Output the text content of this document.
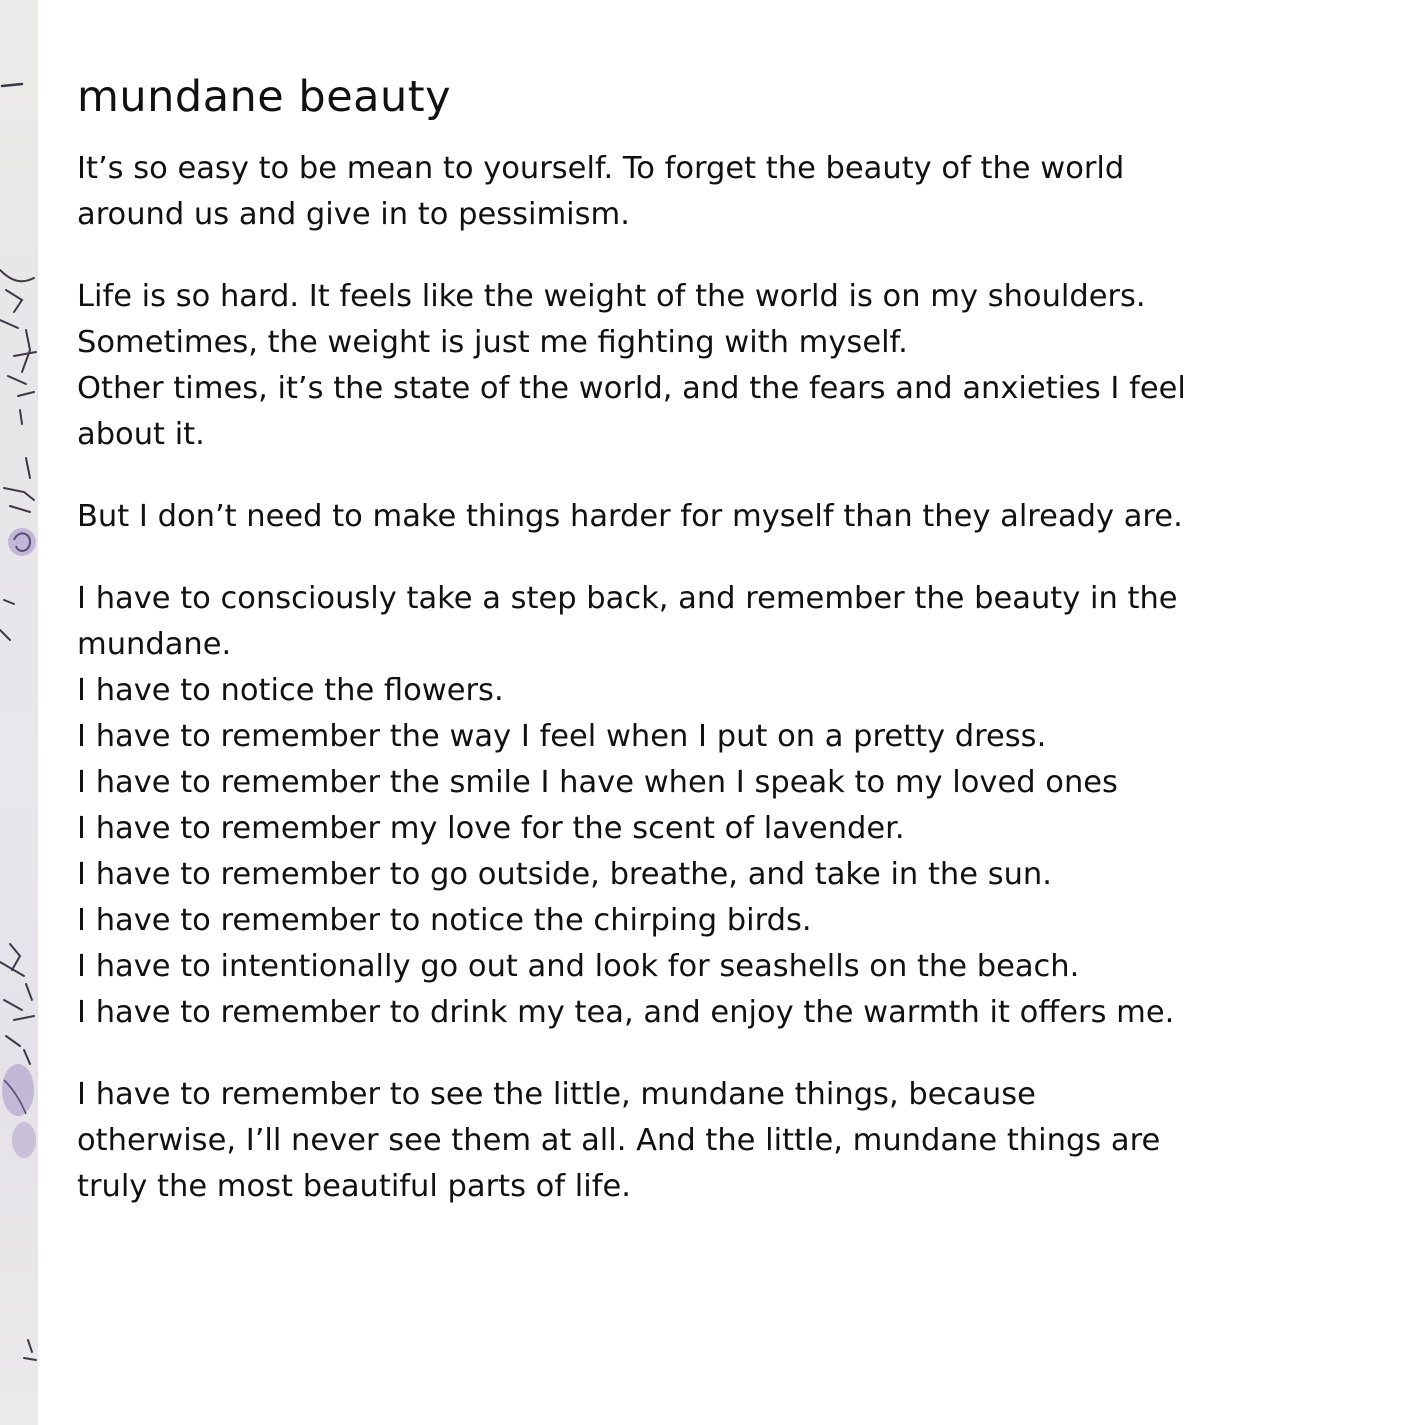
mundane beauty

It’s so easy to be mean to yourself. To forget the beauty of the world
around us and give in to pessimism.

Life is so hard. It feels like the weight of the world is on my shoulders.
Sometimes, the weight is just me fighting with myself.
Other times, it’s the state of the world, and the fears and anxieties I feel
about it.

But I don’t need to make things harder for myself than they already are.

I have to consciously take a step back, and remember the beauty in the
mundane.
I have to notice the flowers.
I have to remember the way I feel when I put on a pretty dress.
I have to remember the smile I have when I speak to my loved ones
I have to remember my love for the scent of lavender.
I have to remember to go outside, breathe, and take in the sun.
I have to remember to notice the chirping birds.
I have to intentionally go out and look for seashells on the beach.
I have to remember to drink my tea, and enjoy the warmth it offers me.

I have to remember to see the little, mundane things, because
otherwise, I’ll never see them at all. And the little, mundane things are
truly the most beautiful parts of life.
